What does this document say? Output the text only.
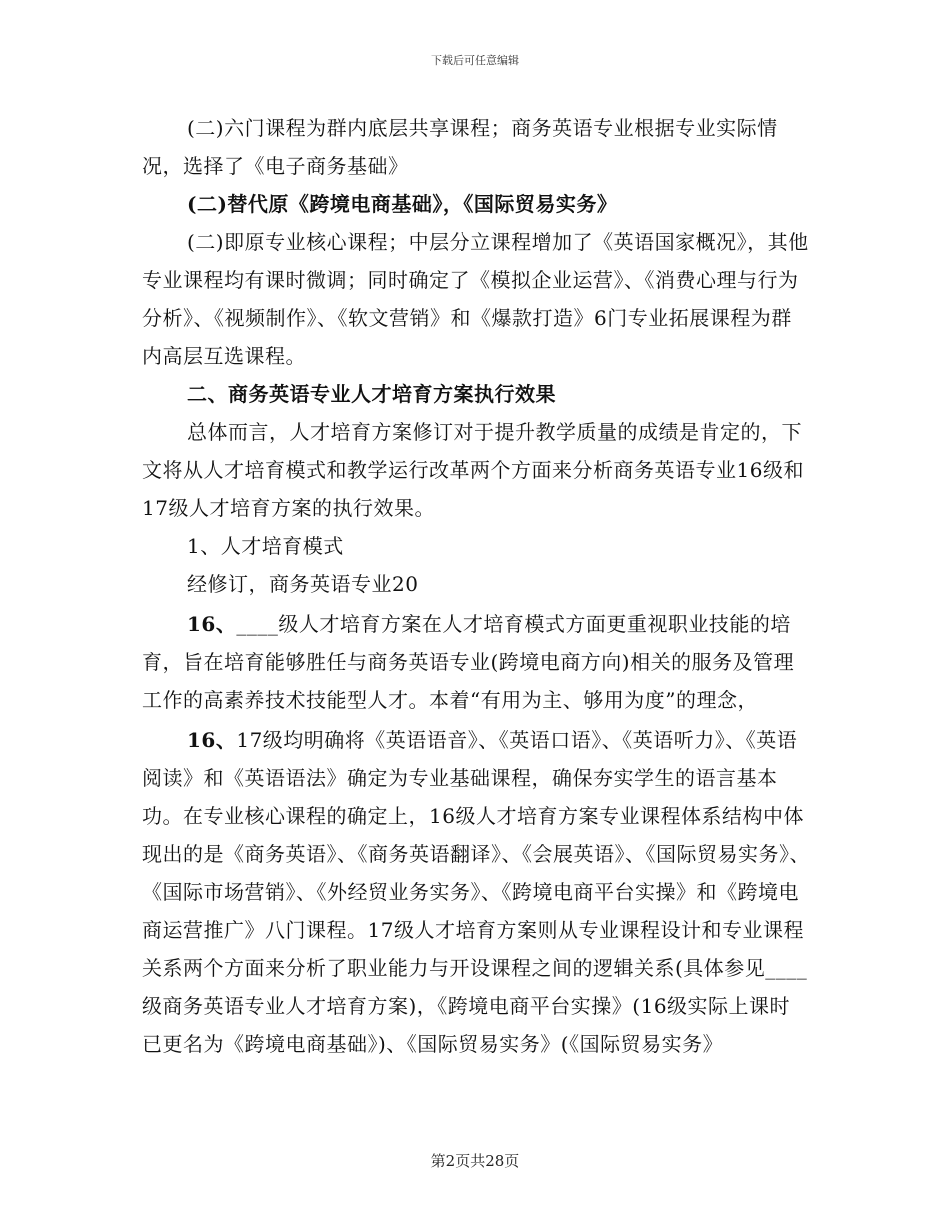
下载后可任意编辑

(二)六门课程为群内底层共享课程；商务英语专业根据专业实际情况，选择了《电子商务基础》

(二)替代原《跨境电商基础》，《国际贸易实务》

(二)即原专业核心课程；中层分立课程增加了《英语国家概况》，其他专业课程均有课时微调；同时确定了《模拟企业运营》、《消费心理与行为分析》、《视频制作》、《软文营销》和《爆款打造》6门专业拓展课程为群内高层互选课程。

二、商务英语专业人才培育方案执行效果

总体而言，人才培育方案修订对于提升教学质量的成绩是肯定的，下文将从人才培育模式和教学运行改革两个方面来分析商务英语专业16级和17级人才培育方案的执行效果。

1、人才培育模式

经修订，商务英语专业20

16、____级人才培育方案在人才培育模式方面更重视职业技能的培育，旨在培育能够胜任与商务英语专业(跨境电商方向)相关的服务及管理工作的高素养技术技能型人才。本着“有用为主、够用为度”的理念，

16、17级均明确将《英语语音》、《英语口语》、《英语听力》、《英语阅读》和《英语语法》确定为专业基础课程，确保夯实学生的语言基本功。在专业核心课程的确定上，16级人才培育方案专业课程体系结构中体现出的是《商务英语》、《商务英语翻译》、《会展英语》、《国际贸易实务》、《国际市场营销》、《外经贸业务实务》、《跨境电商平台实操》和《跨境电商运营推广》八门课程。17级人才培育方案则从专业课程设计和专业课程关系两个方面来分析了职业能力与开设课程之间的逻辑关系(具体参见____级商务英语专业人才培育方案)，《跨境电商平台实操》(16级实际上课时已更名为《跨境电商基础》)、《国际贸易实务》(《国际贸易实务》

第2页共28页
